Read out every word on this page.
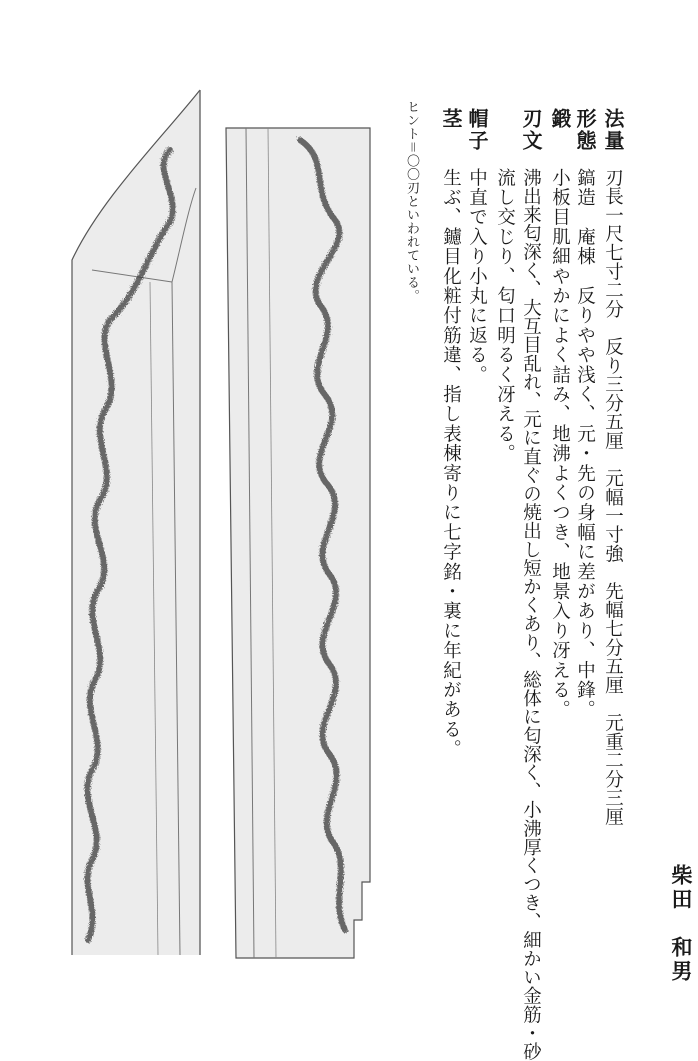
法量
形態
鍛
刃文
帽子
茎
刃長一尺七寸二分　反り三分五厘　元幅一寸強　先幅七分五厘　元重二分三厘
鎬造　庵棟　反りやや浅く、元・先の身幅に差があり、中鋒。
小板目肌細やかによく詰み、地沸よくつき、地景入り冴える。
沸出来匂深く、大互目乱れ、元に直ぐの焼出し短かくあり、総体に匂深く、小沸厚くつき、細かい金筋・砂
流し交じり、匂口明るく冴える。
中直で入り小丸に返る。
生ぶ、鑢目化粧付筋違、指し表棟寄りに七字銘・裏に年紀がある。
ヒント＝〇〇刃といわれている。
柴田　和男
